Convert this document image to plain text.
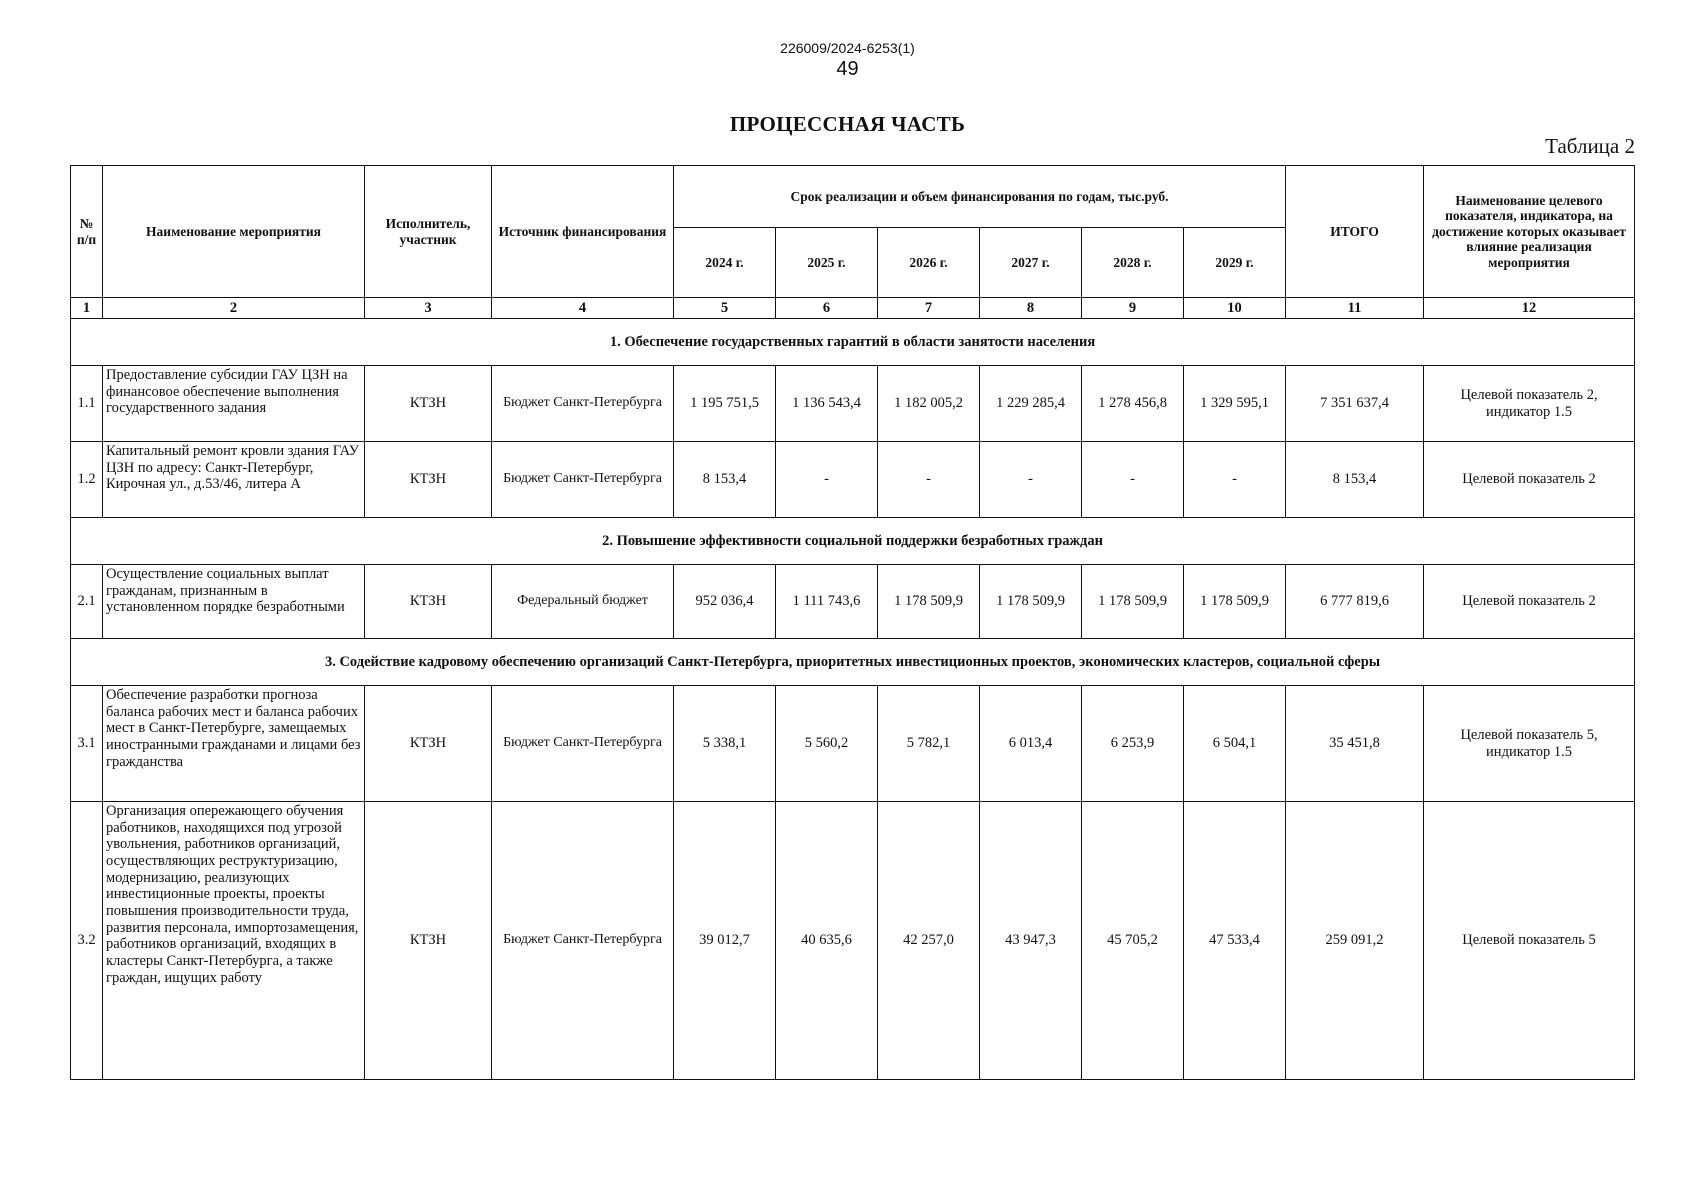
226009/2024-6253(1)
49
ПРОЦЕССНАЯ ЧАСТЬ
Таблица 2
№ п/п	Наименование мероприятия	Исполнитель, участник	Источник финансирования	Срок реализации и объем финансирования по годам, тыс.руб.						ИТОГО	Наименование целевого показателя, индикатора, на достижение которых оказывает влияние реализация мероприятия
				2024 г.	2025 г.	2026 г.	2027 г.	2028 г.	2029 г.		
1	2	3	4	5	6	7	8	9	10	11	12
1. Обеспечение государственных гарантий в области занятости населения											
1.1	Предоставление субсидии ГАУ ЦЗН на финансовое обеспечение выполнения государственного задания	КТЗН	Бюджет Санкт-Петербурга	1 195 751,5	1 136 543,4	1 182 005,2	1 229 285,4	1 278 456,8	1 329 595,1	7 351 637,4	Целевой показатель 2, индикатор 1.5
1.2	Капитальный ремонт кровли здания ГАУ ЦЗН по адресу: Санкт-Петербург, Кирочная ул., д.53/46, литера А	КТЗН	Бюджет Санкт-Петербурга	8 153,4	-	-	-	-	-	8 153,4	Целевой показатель 2
2. Повышение эффективности социальной поддержки безработных граждан											
2.1	Осуществление социальных выплат гражданам, признанным в установленном порядке безработными	КТЗН	Федеральный бюджет	952 036,4	1 111 743,6	1 178 509,9	1 178 509,9	1 178 509,9	1 178 509,9	6 777 819,6	Целевой показатель 2
3. Содействие кадровому обеспечению организаций Санкт-Петербурга, приоритетных инвестиционных проектов, экономических кластеров, социальной сферы											
3.1	Обеспечение разработки прогноза баланса рабочих мест и баланса рабочих мест в Санкт-Петербурге, замещаемых иностранными гражданами и лицами без гражданства	КТЗН	Бюджет Санкт-Петербурга	5 338,1	5 560,2	5 782,1	6 013,4	6 253,9	6 504,1	35 451,8	Целевой показатель 5, индикатор 1.5
3.2	Организация опережающего обучения работников, находящихся под угрозой увольнения, работников организаций, осуществляющих реструктуризацию, модернизацию, реализующих инвестиционные проекты, проекты повышения производительности труда, развития персонала, импортозамещения, работников организаций, входящих в кластеры Санкт-Петербурга, а также граждан, ищущих работу	КТЗН	Бюджет Санкт-Петербурга	39 012,7	40 635,6	42 257,0	43 947,3	45 705,2	47 533,4	259 091,2	Целевой показатель 5
